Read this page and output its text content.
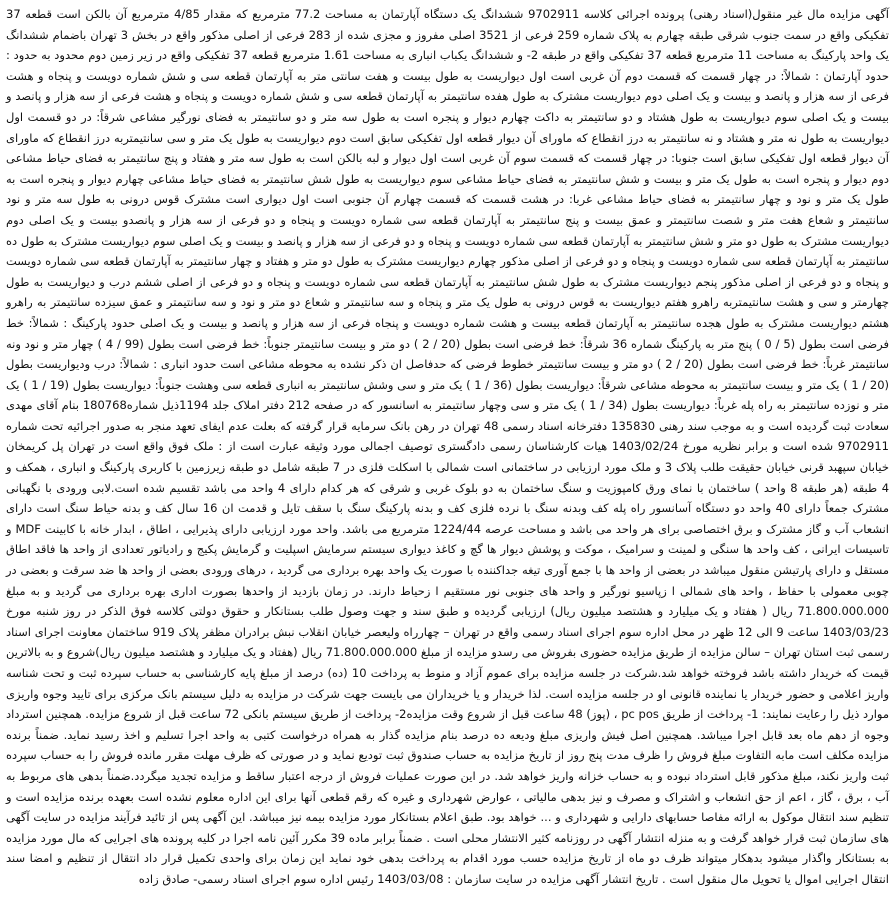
آگهی مزایده مال غیر منقول(اسناد رهنی) پرونده اجرائی کلاسه 9702911 ششدانگ یک دستگاه آپارتمان به مساحت 77.2 مترمربع که مقدار 4/85 مترمربع آن بالکن است قطعه 37 تفکیکی واقع در سمت جنوب شرقی طبقه چهارم به پلاک شماره 259 فرعی از 3521 اصلی مفروز و مجزی شده از 283 فرعی از اصلی مذکور واقع در بخش 3 تهران باضمام ششدانگ یک واحد پارکینگ به مساحت 11 مترمربع قطعه 37 تفکیکی واقع در طبقه 2- و ششدانگ یکباب انباری به مساحت 1.61 مترمربع قطعه 37 تفکیکی واقع در زیر زمین دوم محدود به حدود : حدود آپارتمان : شمالاً: در چهار قسمت که قسمت دوم آن غربی است اول دیواریست به طول بیست و هفت سانتی متر به آپارتمان قطعه سی و شش شماره دویست و پنجاه و هشت فرعی از سه هزار و پانصد و بیست و یک اصلی دوم دیواریست مشترک به طول هفده سانتیمتر به آپارتمان قطعه سی و شش شماره دویست و پنجاه و هشت فرعی از سه هزار و پانصد و بیست و یک اصلی سوم دیواریست به طول هشتاد و دو سانتیمتر به داکت چهارم دیوار و پنجره است به طول سه متر و دو سانتیمتر به فضای نورگیر مشاعی شرقاً: در دو قسمت اول دیواریست به طول نه متر و هشتاد و نه سانتیمتر به درز انقطاع که ماورای آن دیوار قطعه اول تفکیکی سابق است دوم دیواریست به طول یک متر و سی سانتیمتربه درز انقطاع که ماورای آن دیوار قطعه اول تفکیکی سابق است جنوبا: در چهار قسمت که قسمت سوم آن غربی است اول دیوار و لبه بالکن است به طول سه متر و هفتاد و پنج سانتیمتر به فضای حیاط مشاعی دوم دیوار و پنجره است به طول یک متر و بیست و شش سانتیمتر به فضای حیاط مشاعی سوم دیواریست به طول شش سانتیمتر به فضای حیاط مشاعی چهارم دیوار و پنجره است به طول یک متر و نود و چهار سانتیمتر به فضای حیاط مشاعی غربا: در هشت قسمت که قسمت چهارم آن جنوبی است اول دیواری است مشترک قوس درونی به طول سه متر و نود سانتیمتر و شعاع هفت متر و شصت سانتیمتر و عمق بیست و پنج سانتیمتر به آپارتمان قطعه سی شماره دویست و پنجاه و دو فرعی از سه هزار و پانصدو بیست و یک اصلی دوم دیواریست مشترک به طول دو متر و شش سانتیمتر به آپارتمان قطعه سی شماره دویست و پنجاه و دو فرعی از سه هزار و پانصد و بیست و یک اصلی سوم دیواریست مشترک به طول ده سانتیمتر به آپارتمان قطعه سی شماره دویست و پنجاه و دو فرعی از اصلی مذکور چهارم دیواریست مشترک به طول دو متر و هفتاد و چهار سانتیمتر به آپارتمان قطعه سی شماره دویست و پنجاه و دو فرعی از اصلی مذکور پنجم دیواریست مشترک به طول شش سانتیمتر به آپارتمان قطعه سی شماره دویست و پنجاه و دو فرعی از اصلی ششم درب و دیواریست به طول چهارمتر و سی و هشت سانتیمتربه راهرو هفتم دیواریست به قوس درونی به طول یک متر و پنجاه و سه سانتیمتر و شعاع دو متر و نود و سه سانتیمتر و عمق سیزده سانتیمتر به راهرو هشتم دیواریست مشترک به طول هجده سانتیمتر به آپارتمان قطعه بیست و هشت شماره دویست و پنجاه فرعی از سه هزار و پانصد و بیست و یک اصلی حدود پارکینگ : شمالاً: خط فرضی است بطول (5 / 0 ) پنج متر به پارکینگ شماره 36 شرقاً: خط فرضی است بطول (20 / 2 ) دو متر و بیست سانتیمتر جنوباً: خط فرضی است بطول (99 / 4 ) چهار متر و نود ونه سانتیمتر غرباً: خط فرضی است بطول (20 / 2 ) دو متر و بیست سانتیمتر خطوط فرضی که حدفاصل ان ذکر نشده به محوطه مشاعی است حدود انباری : شمالاً: درب ودیواریست بطول (20 / 1 ) یک متر و بیست سانتیمتر به محوطه مشاعی شرقاً: دیواریست بطول (36 / 1 ) یک متر و سی وشش سانتیمتر به انباری قطعه سی وهشت جنوباً: دیواریست بطول (19 / 1 ) یک متر و نوزده سانتیمتر به راه پله غرباً: دیواریست بطول (34 / 1 ) یک متر و سی وچهار سانتیمتر به اسانسور که در صفحه 212 دفتر املاک جلد 1194ذیل شماره180768 بنام آقای مهدی سعادت ثبت گردیده است و به موجب سند رهنی 135830 دفترخانه اسناد رسمی 48 تهران در رهن بانک سرمایه قرار گرفته که بعلت عدم ایفای تعهد منجر به صدور اجرائیه تحت شماره 9702911 شده است و برابر نظریه مورخ 1403/02/24 هیات کارشناسان رسمی دادگستری توصیف اجمالی مورد وثیقه عبارت است از : ملک فوق واقع است در تهران پل کریمخان خیابان سپهبد قرنی خیابان حقیقت طلب پلاک 3 و ملک مورد ارزیابی در ساختمانی است شمالی با اسکلت فلزی در 7 طبقه شامل دو طبقه زیرزمین با کاربری پارکینگ و انباری ، همکف و 4 طبقه (هر طبقه 8 واحد ) ساختمان با نمای ورق کامپوزیت و سنگ ساختمان به دو بلوک غربی و شرقی که هر کدام دارای 4 واحد می باشد تقسیم شده است.لابی ورودی با نگهبانی مشترک جمعاً دارای 40 واحد دو دستگاه آسانسور راه پله کف وبدنه سنگ با نرده فلزی کف و بدنه پارکینگ سنگ با سقف تایل و قدمت ان 16 سال کف و بدنه حیاط سنگ است دارای انشعاب آب و گاز مشترک و برق اختصاصی برای هر واحد می باشد و مساحت عرصه 1224/44 مترمربع می باشد. واحد مورد ارزیابی دارای پذیرایی ، اطاق ، ابدار خانه با کابینت MDF و تاسیسات ایرانی ، کف واحد ها سنگی و لمینت و سرامیک ، موکت و پوشش دیوار ها گچ و کاغذ دیواری سیستم سرمایش اسپلیت و گرمایش پکیج و رادیاتور تعدادی از واحد ها فاقد اطاق مستقل و دارای پارتیشن منقول میباشد در بعضی از واحد ها با جمع آوری تیغه جداکننده با صورت یک واحد بهره برداری می گردید ، درهای ورودی بعضی از واحد ها ضد سرقت و بعضی در چوبی معمولی با حفاظ ، واحد های شمالی ا زپاسیو نورگیر و واحد های جنوبی نور مستقیم ا زحیاط دارند. در زمان بازدید از واحدها بصورت اداری بهره برداری می گردید و به مبلغ 71.800.000.000 ریال ( هفتاد و یک میلیارد و هشتصد میلیون ریال) ارزیابی گردیده و طبق سند و جهت وصول طلب بستانکار و حقوق دولتی کلاسه فوق الذکر در روز شنبه مورخ 1403/03/23 ساعت 9 الی 12 ظهر در محل اداره سوم اجرای اسناد رسمی واقع در تهران – چهارراه ولیعصر خیابان انقلاب نبش برادران مظفر پلاک 919 ساختمان معاونت اجرای اسناد رسمی ثبت استان تهران – سالن مزایده از طریق مزایده حضوری بفروش می رسدو مزایده از مبلغ 71.800.000.000 ریال (هفتاد و یک میلیارد و هشتصد میلیون ریال)شروع و به بالاترین قیمت که خریدار داشته باشد فروخته خواهد شد.شرکت در جلسه مزایده برای عموم آزاد و منوط به پرداخت 10 (ده) درصد از مبلغ پایه کارشناسی به حساب سپرده ثبت و تحت شناسه واریز اعلامی و حضور خریدار یا نماینده قانونی او در جلسه مزایده است. لذا خریدار و یا خریداران می بایست جهت شرکت در مزایده به دلیل سیستم بانک مرکزی برای تایید وجوه واریزی موارد ذیل را رعایت نمایند: 1- پرداخت از طریق pc pos ، (پوز) 48 ساعت قبل از شروع وقت مزایده2- پرداخت از طریق سیستم بانکی 72 ساعت قبل از شروع مزایده. همچنین استرداد وجوه از دهم ماه بعد قابل اجرا میباشد. همچنین اصل فیش واریزی مبلغ ودیعه ده درصد بنام مزایده گذار به همراه درخواست کتبی به واحد اجرا تسلیم و اخذ رسید نماید. ضمناً برنده مزایده مکلف است مابه التفاوت مبلغ فروش را ظرف مدت پنج روز از تاریخ مزایده به حساب صندوق ثبت تودیع نماید و در صورتی که ظرف مهلت مقرر مانده فروش را به حساب سپرده ثبت واریز نکند، مبلغ مذکور قابل استرداد نبوده و به حساب خزانه واریز خواهد شد. در این صورت عملیات فروش از درجه اعتبار ساقط و مزایده تجدید میگردد.ضمناً بدهی های مربوط به آب ، برق ، گاز ، اعم از حق انشعاب و اشتراک و مصرف و نیز بدهی مالیاتی ، عوارض شهرداری و غیره که رقم قطعی آنها برای این اداره معلوم نشده است بعهده برنده مزایده است و تنظیم سند انتقال موکول به ارائه مفاصا حسابهای دارایی و شهرداری و ... خواهد بود. طبق اعلام بستانکار مورد مزایده بیمه نیز میباشد. این آگهی پس از تائید فرآیند مزایده در سایت آگهی های سازمان ثبت قرار خواهد گرفت و به منزله انتشار آگهی در روزنامه کثیر الانتشار محلی است . ضمناً برابر ماده 39 مکرر آئین نامه اجرا در کلیه پرونده های اجرایی که مال مورد مزایده به بستانکار واگذار میشود بدهکار میتواند ظرف دو ماه از تاریخ مزایده حسب مورد اقدام به پرداخت بدهی خود نماید این زمان برای واحدی تکمیل قرار داد انتقال از تنظیم و امضا سند انتقال اجرایی اموال یا تحویل مال منقول است . تاریخ انتشار آگهی مزایده در سایت سازمان : 1403/03/08 رئیس اداره سوم اجرای اسناد رسمی- صادق زاده
